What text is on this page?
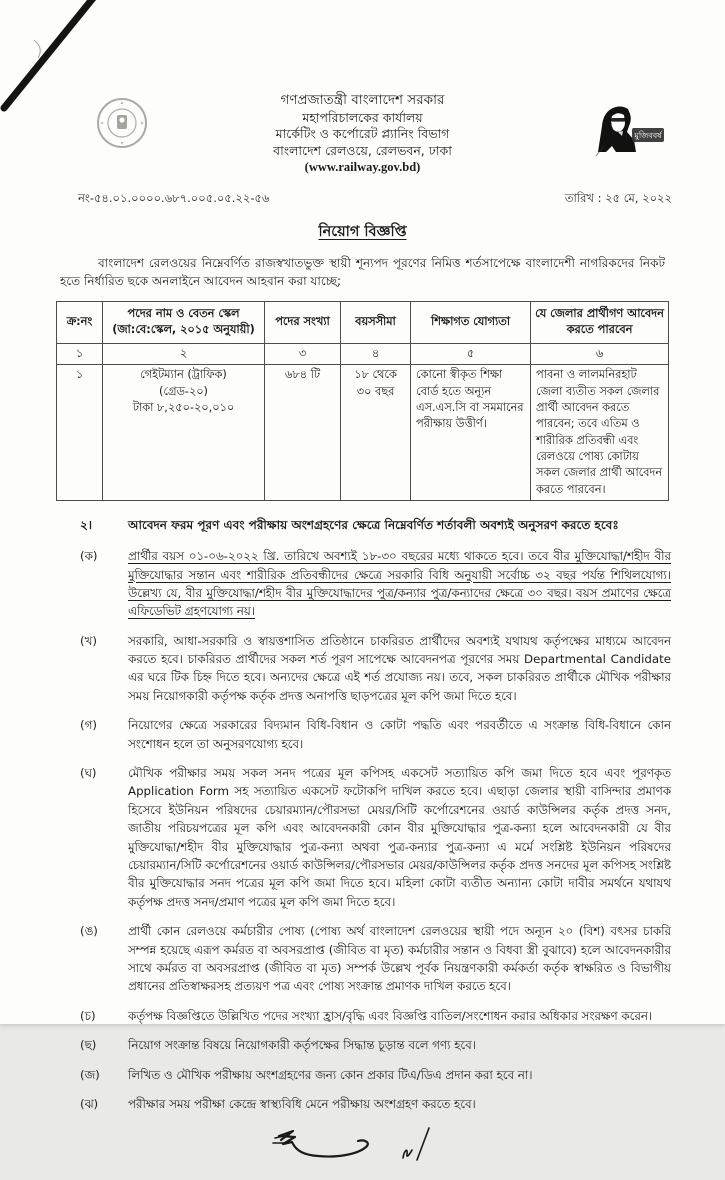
গণপ্রজাতন্ত্রী বাংলাদেশ সরকার
মহাপরিচালকের কার্যালয়
মার্কেটিং ও কর্পোরেট প্ল্যানিং বিভাগ
বাংলাদেশ রেলওয়ে, রেলভবন, ঢাকা
(www.railway.gov.bd)
মুজিববর্ষ
নং-৫৪.০১.০০০০.৬৮৭.০০৫.০৫.২২-৫৬	তারিখ : ২৫ মে, ২০২২
নিয়োগ বিজ্ঞপ্তি

বাংলাদেশ রেলওয়ের নিম্নেবর্ণিত রাজস্বখাতভুক্ত স্থায়ী শূন্যপদ পূরণের নিমিত্ত শর্তসাপেক্ষে বাংলাদেশী নাগরিকদের নিকট হতে নির্ধারিত ছকে অনলাইনে আবেদন আহবান করা যাচ্ছে;

ক্র:নং	পদের নাম ও বেতন স্কেল (জা:বে:স্কেল, ২০১৫ অনুযায়ী)	পদের সংখ্যা	বয়সসীমা	শিক্ষাগত যোগ্যতা	যে জেলার প্রার্থীগণ আবেদন করতে পারবেন
১	২	৩	৪	৫	৬
১	গেইটম্যান (ট্রাফিক)
(গ্রেড-২০)
টাকা ৮,২৫০-২০,০১০	৬৮৪ টি	১৮ থেকে ৩০ বছর	কোনো স্বীকৃত শিক্ষা বোর্ড হতে অন্যূন এস.এস.সি বা সমমানের পরীক্ষায় উত্তীর্ণ।	পাবনা ও লালমনিরহাট জেলা ব্যতীত সকল জেলার প্রার্থী আবেদন করতে পারবেন; তবে এতিম ও শারীরিক প্রতিবন্ধী এবং রেলওয়ে পোষ্য কোটায় সকল জেলার প্রার্থী আবেদন করতে পারবেন।
২।	আবেদন ফরম পূরণ এবং পরীক্ষায় অংশগ্রহণের ক্ষেত্রে নিম্নেবর্ণিত শর্তাবলী অবশ্যই অনুসরণ করতে হবেঃ
(ক)	প্রার্থীর বয়স ০১-০৬-২০২২ খ্রি. তারিখে অবশ্যই ১৮-৩০ বছরের মধ্যে থাকতে হবে। তবে বীর মুক্তিযোদ্ধা/শহীদ বীর মুক্তিযোদ্ধার সন্তান এবং শারীরিক প্রতিবন্ধীদের ক্ষেত্রে সরকারি বিধি অনুযায়ী সর্বোচ্চ ৩২ বছর পর্যন্ত শিথিলযোগ্য। উল্লেখ্য যে, বীর মুক্তিযোদ্ধা/শহীদ বীর মুক্তিযোদ্ধাদের পুত্র/কন্যার পুত্র/কন্যাদের ক্ষেত্রে ৩০ বছর। বয়স প্রমাণের ক্ষেত্রে এফিডেভিট গ্রহণযোগ্য নয়।
(খ)	সরকারি, আধা-সরকারি ও স্বায়ত্তশাসিত প্রতিষ্ঠানে চাকরিরত প্রার্থীদের অবশ্যই যথাযথ কর্তৃপক্ষের মাধ্যমে আবেদন করতে হবে। চাকরিরত প্রার্থীদের সকল শর্ত পূরণ সাপেক্ষে আবেদনপত্র পূরণের সময় Departmental Candidate এর ঘরে টিক চিহ্ন দিতে হবে। অন্যদের ক্ষেত্রে এই শর্ত প্রযোজ্য নয়। তবে, সকল চাকরিরত প্রার্থীকে মৌখিক পরীক্ষার সময় নিয়োগকারী কর্তৃপক্ষ কর্তৃক প্রদত্ত অনাপত্তি ছাড়পত্রের মূল কপি জমা দিতে হবে।
(গ)	নিয়োগের ক্ষেত্রে সরকারের বিদ্যমান বিধি-বিধান ও কোটা পদ্ধতি এবং পরবর্তীতে এ সংক্রান্ত বিধি-বিধানে কোন সংশোধন হলে তা অনুসরণযোগ্য হবে।
(ঘ)	মৌখিক পরীক্ষার সময় সকল সনদ পত্রের মূল কপিসহ একসেট সত্যায়িত কপি জমা দিতে হবে এবং পূরণকৃত Application Form সহ সত্যায়িত একসেট ফটোকপি দাখিল করতে হবে। এছাড়া জেলার স্থায়ী বাসিন্দার প্রমাণক হিসেবে ইউনিয়ন পরিষদের চেয়ারম্যান/পৌরসভা মেয়র/সিটি কর্পোরেশনের ওয়ার্ড কাউন্সিলর কর্তৃক প্রদত্ত সনদ, জাতীয় পরিচয়পত্রের মূল কপি এবং আবেদনকারী কোন বীর মুক্তিযোদ্ধার পুত্র-কন্যা হলে আবেদনকারী যে বীর মুক্তিযোদ্ধা/শহীদ বীর মুক্তিযোদ্ধার পুত্র-কন্যা অথবা পুত্র-কন্যার পুত্র-কন্যা এ মর্মে সংশ্লিষ্ট ইউনিয়ন পরিষদের চেয়ারম্যান/সিটি কর্পোরেশনের ওয়ার্ড কাউন্সিলর/পৌরসভার মেয়র/কাউন্সিলর কর্তৃক প্রদত্ত সনদের মূল কপিসহ সংশ্লিষ্ট বীর মুক্তিযোদ্ধার সনদ পত্রের মূল কপি জমা দিতে হবে। মহিলা কোটা ব্যতীত অন্যান্য কোটা দাবীর সমর্থনে যথাযথ কর্তৃপক্ষ প্রদত্ত সনদ/প্রমাণ পত্রের মূল কপি জমা দিতে হবে।
(ঙ)	প্রার্থী কোন রেলওয়ে কর্মচারীর পোষ্য (পোষ্য অর্থ বাংলাদেশ রেলওয়ের স্থায়ী পদে অন্যূন ২০ (বিশ) বৎসর চাকরি সম্পন্ন হয়েছে এরূপ কর্মরত বা অবসরপ্রাপ্ত (জীবিত বা মৃত) কর্মচারীর সন্তান ও বিধবা স্ত্রী বুঝাবে) হলে আবেদনকারীর সাথে কর্মরত বা অবসরপ্রাপ্ত (জীবিত বা মৃত) সম্পর্ক উল্লেখ পূর্বক নিয়ন্ত্রণকারী কর্মকর্তা কর্তৃক স্বাক্ষরিত ও বিভাগীয় প্রধানের প্রতিস্বাক্ষরসহ প্রত্যয়ণ পত্র এবং পোষ্য সংক্রান্ত প্রমাণক দাখিল করতে হবে।
(চ)	কর্তৃপক্ষ বিজ্ঞপ্তিতে উল্লিখিত পদের সংখ্যা হ্রাস/বৃদ্ধি এবং বিজ্ঞপ্তি বাতিল/সংশোধন করার অধিকার সংরক্ষণ করেন।
(ছ)	নিয়োগ সংক্রান্ত বিষয়ে নিয়োগকারী কর্তৃপক্ষের সিদ্ধান্ত চূড়ান্ত বলে গণ্য হবে।
(জ)	লিখিত ও মৌখিক পরীক্ষায় অংশগ্রহণের জন্য কোন প্রকার টিএ/ডিএ প্রদান করা হবে না।
(ঝ)	পরীক্ষার সময় পরীক্ষা কেন্দ্রে স্বাস্থ্যবিধি মেনে পরীক্ষায় অংশগ্রহণ করতে হবে।
